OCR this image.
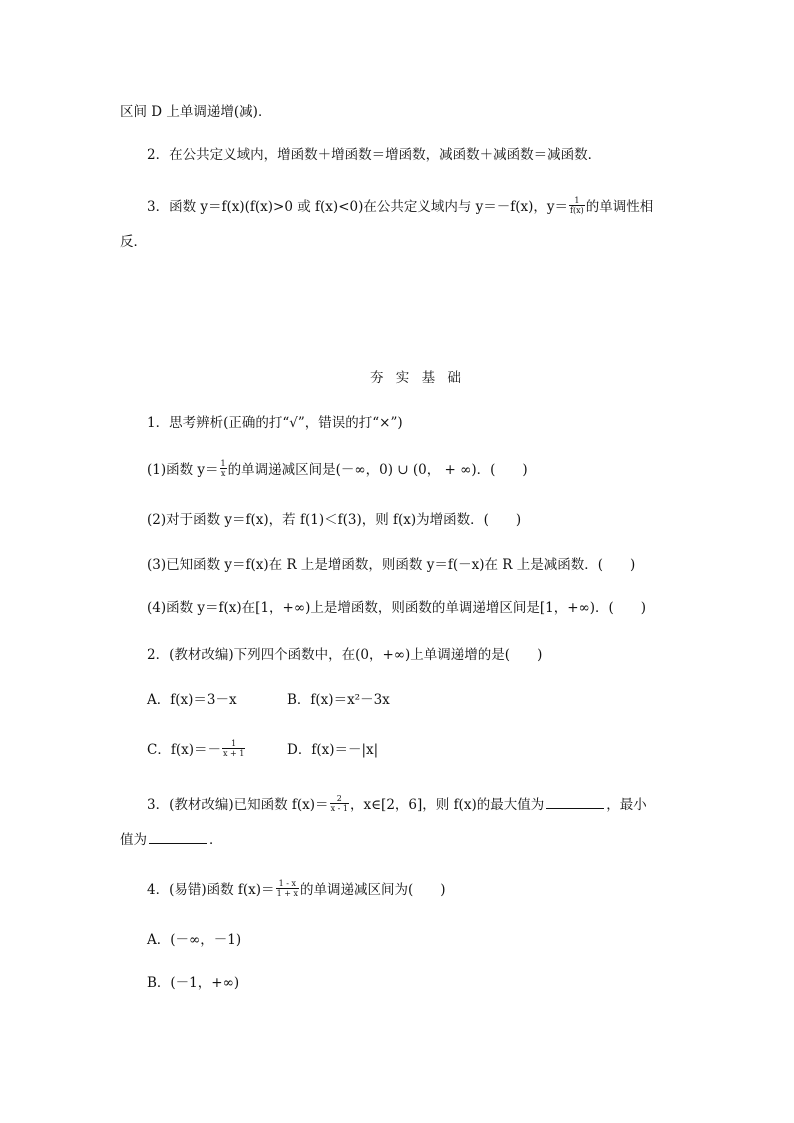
区间 D 上单调递增(减)．
2．在公共定义域内，增函数＋增函数＝增函数，减函数＋减函数＝减函数．
3．函数 y＝f(x)(f(x)>0 或 f(x)<0)在公共定义域内与 y＝－f(x)，$y= \frac{1}{f(x)}$ 的单调性相
反．
夯 实 基 础
1．思考辨析(正确的打“√”，错误的打“×”)
(1)函数 $y= \frac{1}{x}$ 的单调递减区间是(－∞，0) ∪ (0， + ∞)．(　　)
(2)对于函数 y＝f(x)，若 f(1)＜f(3)，则 f(x)为增函数．(　　)
(3)已知函数 y＝f(x)在 R 上是增函数，则函数 y＝f(－x)在 R 上是减函数．(　　)
(4)函数 y＝f(x)在[1，+∞)上是增函数，则函数的单调递增区间是[1，+∞)．(　　)
2．(教材改编)下列四个函数中，在(0，+∞)上单调递增的是(　　)
A．f(x)＝3－x	B．f(x)＝x²－3x
C．$f(x)=- \frac{1}{x + 1}$	D．f(x)＝－|x|
3．(教材改编)已知函数 $f(x)= \frac{2}{x - 1}$ ，x∈[2，6]，则 f(x)的最大值为	，最小
值为	．
4．(易错)函数 $f(x)= \frac{1 - x}{1 + x}$ 的单调递减区间为(　　)
A．(－∞，－1)
B．(－1，+∞)
